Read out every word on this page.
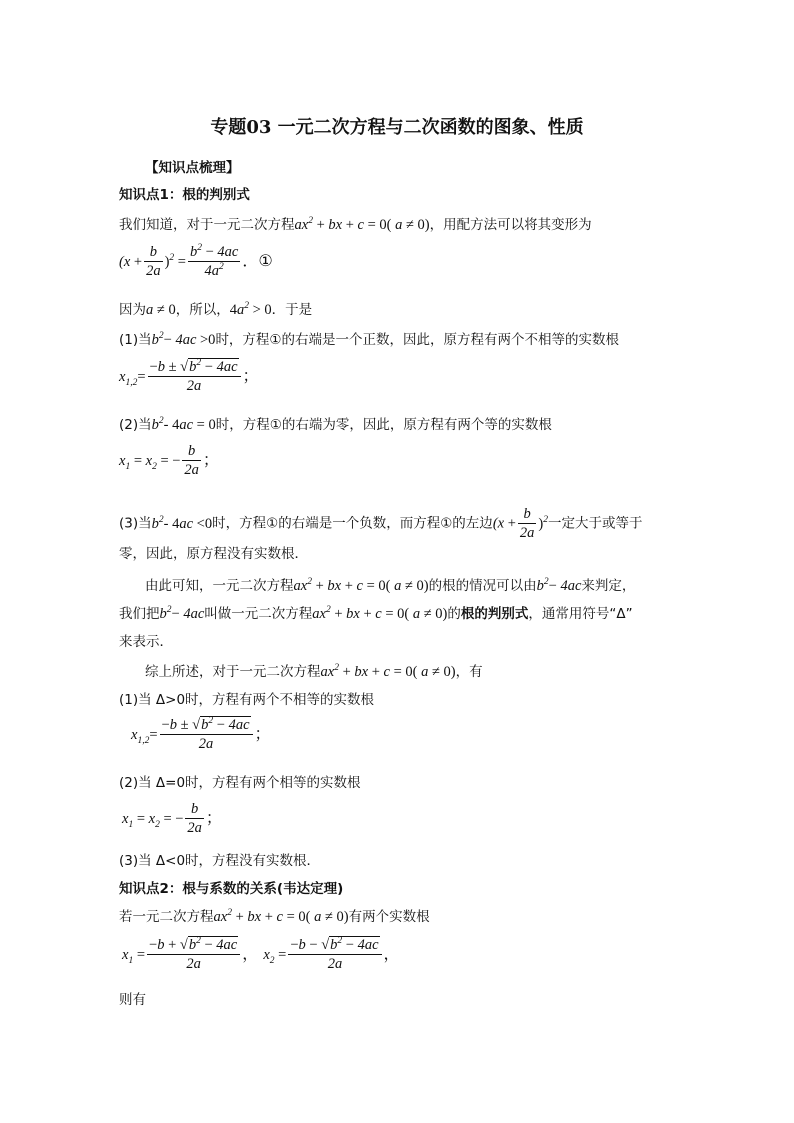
专题03 一元二次方程与二次函数的图象、性质
【知识点梳理】
知识点1：根的判别式
我们知道，对于一元二次方程$ax^2$ + bx + c = 0( a ≠ 0)，用配方法可以将其变形为
$(x + \frac{b}{2a} )^2 = \frac{b^2 - 4ac}{4a^2}$ ．①
因为a ≠ 0，所以，$4a^2 > 0$．于是
(1)当$b^2- 4ac >0$时，方程①的右端是一个正数，因此，原方程有两个不相等的实数根
$x_{1,2}= \frac{-b \pm √b^2 - 4ac}{2a}$ ；
(2)当$b^2-$ 4ac = 0时，方程①的右端为零，因此，原方程有两个等的实数根
$x_1 = x_2$ = − $\frac{b}{2a}$ ；
(3)当$b^2-$ 4ac <0时，方程①的右端是一个负数，而方程①的左边$(x + \frac{b}{2a} )^2$一定大于或等于
零，因此，原方程没有实数根．
由此可知，一元二次方程$ax^2$ + bx + c = 0( a ≠ 0)的根的情况可以由$b^2- 4ac$来判定，
我们把$b^2- 4ac$叫做一元二次方程$ax^2$ + bx + c = 0( a ≠ 0)的根的判别式，通常用符号“Δ”
来表示．
综上所述，对于一元二次方程$ax^2$ + bx + c = 0( a ≠ 0)，有
(1)当 Δ>0时，方程有两个不相等的实数根
$x_{1,2}= \frac{-b \pm √b^2 - 4ac}{2a}$ ；
(2)当 Δ=0时，方程有两个相等的实数根
$x_1 = x_2$ = − $\frac{b}{2a}$ ；
(3)当 Δ<0时，方程没有实数根．
知识点2：根与系数的关系(韦达定理)
若一元二次方程$ax^2$ + bx + c = 0( a ≠ 0)有两个实数根
$x_1 = \frac{-b + √b^2 - 4ac}{2a}$ ， $x_2 = \frac{-b - √b^2 - 4ac}{2a}$ ，
则有
